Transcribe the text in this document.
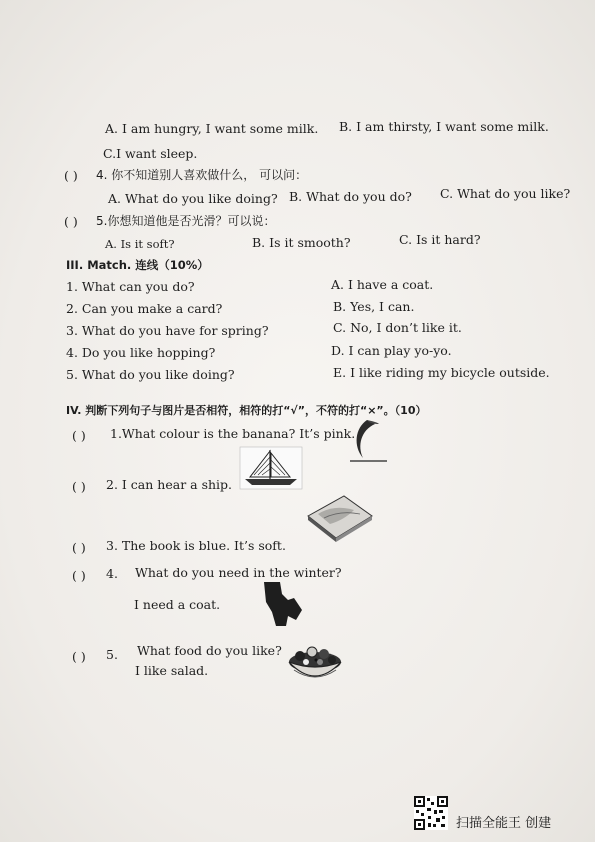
A. I am hungry, I want some milk. B. I am thirsty, I want some milk.
C.I want sleep.
( ) 4. 你不知道别人喜欢做什么， 可以问：
A. What do you like doing? B. What do you do? C. What do you like?
( ) 5.你想知道他是否光滑？可以说：
A. Is it soft?	B. Is it smooth?	C. Is it hard?
III. Match. 连线（10%）
1. What can you do?
2. Can you make a card?
3. What do you have for spring?
4. Do you like hopping?
5. What do you like doing?
A. I have a coat.
B. Yes, I can.
C. No, I don’t like it.
D. I can play yo-yo.
E. I like riding my bicycle outside.
IV. 判断下列句子与图片是否相符，相符的打“√”，不符的打“×”。（10）
( ) 1.What colour is the banana? It’s pink.
( ) 2. I can hear a ship.
( ) 3. The book is blue. It’s soft.
( ) 4. What do you need in the winter?
I need a coat.
( ) 5. What food do you like?
I like salad.
扫描全能王 创建
